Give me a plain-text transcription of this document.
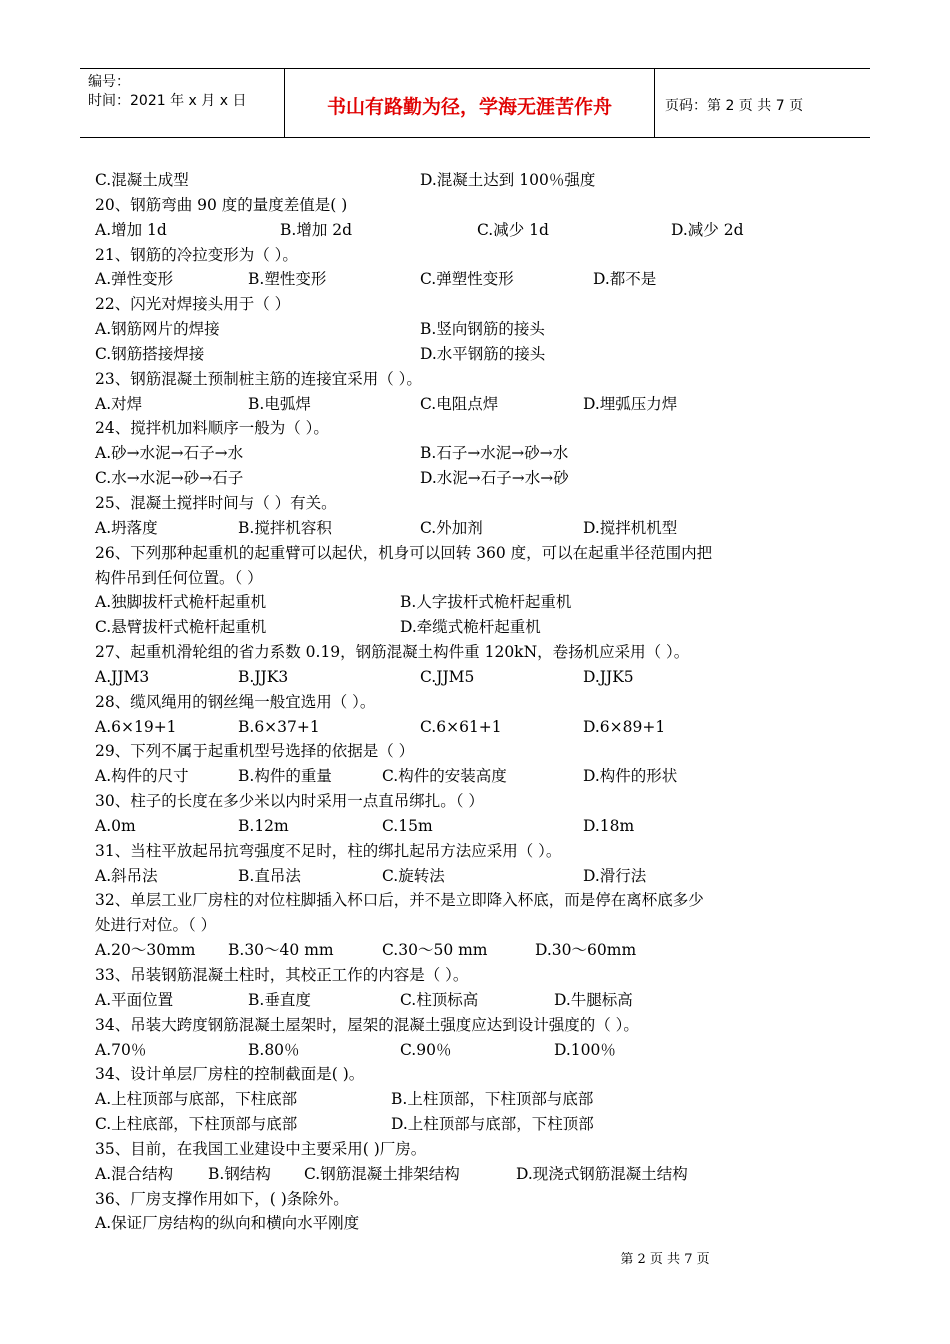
编号：
时间：2021 年 x 月 x 日	书山有路勤为径，学海无涯苦作舟	页码：第 2 页 共 7 页
C.混凝土成型	D.混凝土达到 100％强度
20、钢筋弯曲 90 度的量度差值是( )
A.增加 1d	B.增加 2d	C.减少 1d	D.减少 2d
21、钢筋的冷拉变形为（ ）。
A.弹性变形	B.塑性变形	C.弹塑性变形	D.都不是
22、闪光对焊接头用于（ ）
A.钢筋网片的焊接	B.竖向钢筋的接头
C.钢筋搭接焊接	D.水平钢筋的接头
23、钢筋混凝土预制桩主筋的连接宜采用（ ）。
A.对焊	B.电弧焊	C.电阻点焊	D.埋弧压力焊
24、搅拌机加料顺序一般为（ ）。
A.砂→水泥→石子→水	B.石子→水泥→砂→水
C.水→水泥→砂→石子	D.水泥→石子→水→砂
25、混凝土搅拌时间与（ ）有关。
A.坍落度	B.搅拌机容积	C.外加剂	D.搅拌机机型
26、下列那种起重机的起重臂可以起伏，机身可以回转 360 度，可以在起重半径范围内把
构件吊到任何位置。（ ）
A.独脚拔杆式桅杆起重机	B.人字拔杆式桅杆起重机
C.悬臂拔杆式桅杆起重机	D.牵缆式桅杆起重机
27、起重机滑轮组的省力系数 0.19，钢筋混凝土构件重 120kN，卷扬机应采用（ ）。
A.JJM3	B.JJK3	C.JJM5	D.JJK5
28、缆风绳用的钢丝绳一般宜选用（ ）。
A.6×19+1	B.6×37+1	C.6×61+1	D.6×89+1
29、下列不属于起重机型号选择的依据是（ ）
A.构件的尺寸	B.构件的重量	C.构件的安装高度	D.构件的形状
30、柱子的长度在多少米以内时采用一点直吊绑扎。（ ）
A.0m	B.12m	C.15m	D.18m
31、当柱平放起吊抗弯强度不足时，柱的绑扎起吊方法应采用（ ）。
A.斜吊法	B.直吊法	C.旋转法	D.滑行法
32、单层工业厂房柱的对位柱脚插入杯口后，并不是立即降入杯底，而是停在离杯底多少
处进行对位。（ ）
A.20～30mm B.30～40 mm	C.30～50 mm	D.30～60mm
33、吊装钢筋混凝土柱时，其校正工作的内容是（ ）。
A.平面位置	B.垂直度	C.柱顶标高	D.牛腿标高
34、吊装大跨度钢筋混凝土屋架时，屋架的混凝土强度应达到设计强度的（ ）。
A.70％	B.80％	C.90％	D.100％
34、设计单层厂房柱的控制截面是( )。
A.上柱顶部与底部，下柱底部	B.上柱顶部，下柱顶部与底部
C.上柱底部，下柱顶部与底部	D.上柱顶部与底部，下柱顶部
35、目前，在我国工业建设中主要采用( )厂房。
A.混合结构 B.钢结构 C.钢筋混凝土排架结构	D.现浇式钢筋混凝土结构
36、厂房支撑作用如下，( )条除外。
A.保证厂房结构的纵向和横向水平刚度
第 2 页 共 7 页
